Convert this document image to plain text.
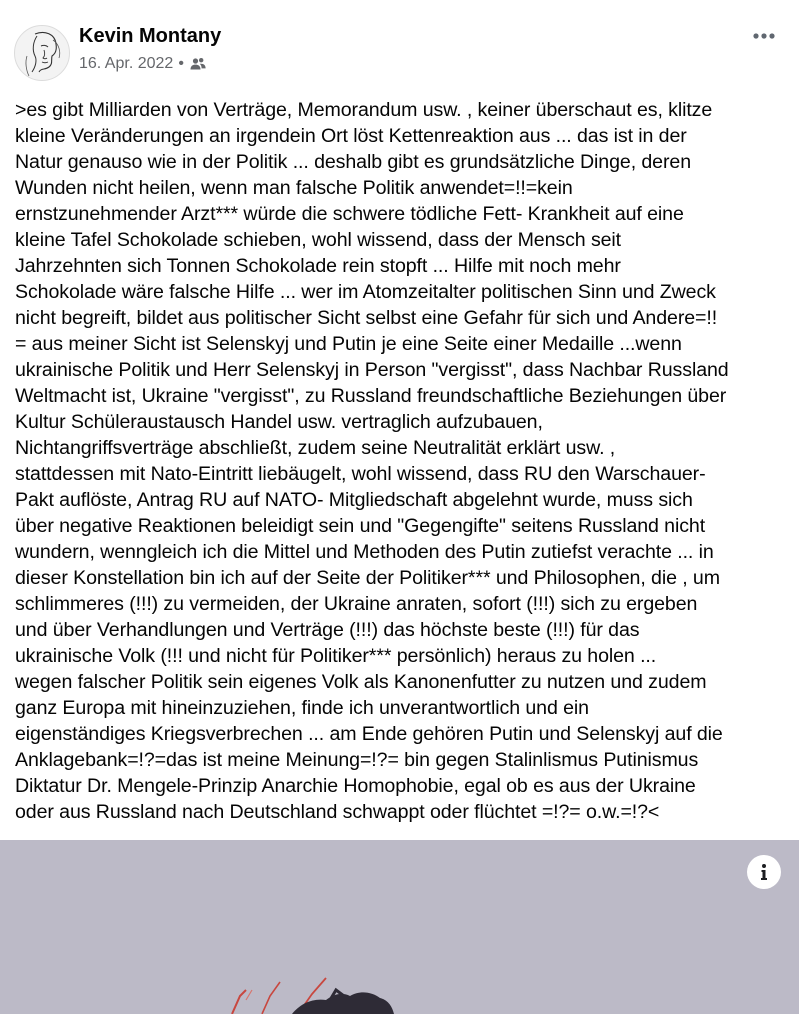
Kevin Montany
16. Apr. 2022 •
>es gibt Milliarden von Verträge, Memorandum usw. , keiner überschaut es, klitze
kleine Veränderungen an irgendein Ort löst Kettenreaktion aus ... das ist in der
Natur genauso wie in der Politik ... deshalb gibt es grundsätzliche Dinge, deren
Wunden nicht heilen, wenn man falsche Politik anwendet=!!=kein
ernstzunehmender Arzt*** würde die schwere tödliche Fett- Krankheit auf eine
kleine Tafel Schokolade schieben, wohl wissend, dass der Mensch seit
Jahrzehnten sich Tonnen Schokolade rein stopft ... Hilfe mit noch mehr
Schokolade wäre falsche Hilfe ... wer im Atomzeitalter politischen Sinn und Zweck
nicht begreift, bildet aus politischer Sicht selbst eine Gefahr für sich und Andere=!!
= aus meiner Sicht ist Selenskyj und Putin je eine Seite einer Medaille ...wenn
ukrainische Politik und Herr Selenskyj in Person "vergisst", dass Nachbar Russland
Weltmacht ist, Ukraine "vergisst", zu Russland freundschaftliche Beziehungen über
Kultur Schüleraustausch Handel usw. vertraglich aufzubauen,
Nichtangriffsverträge abschließt, zudem seine Neutralität erklärt usw. ,
stattdessen mit Nato-Eintritt liebäugelt, wohl wissend, dass RU den Warschauer-
Pakt auflöste, Antrag RU auf NATO- Mitgliedschaft abgelehnt wurde, muss sich
über negative Reaktionen beleidigt sein und "Gegengifte" seitens Russland nicht
wundern, wenngleich ich die Mittel und Methoden des Putin zutiefst verachte ... in
dieser Konstellation bin ich auf der Seite der Politiker*** und Philosophen, die , um
schlimmeres (!!!) zu vermeiden, der Ukraine anraten, sofort (!!!) sich zu ergeben
und über Verhandlungen und Verträge (!!!) das höchste beste (!!!) für das
ukrainische Volk (!!! und nicht für Politiker*** persönlich) heraus zu holen ...
wegen falscher Politik sein eigenes Volk als Kanonenfutter zu nutzen und zudem
ganz Europa mit hineinzuziehen, finde ich unverantwortlich und ein
eigenständiges Kriegsverbrechen ... am Ende gehören Putin und Selenskyj auf die
Anklagebank=!?=das ist meine Meinung=!?= bin gegen Stalinlismus Putinismus
Diktatur Dr. Mengele-Prinzip Anarchie Homophobie, egal ob es aus der Ukraine
oder aus Russland nach Deutschland schwappt oder flüchtet =!?= o.w.=!?<
